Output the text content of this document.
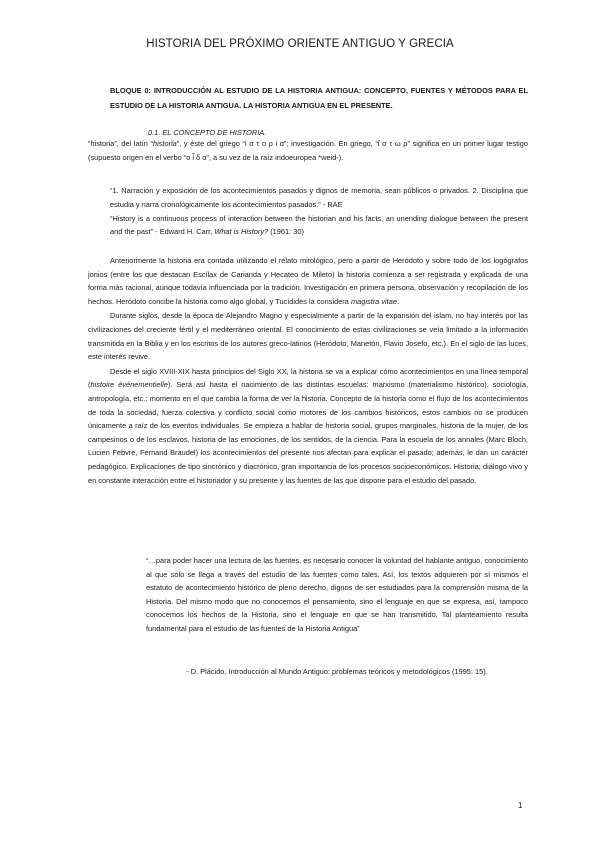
HISTORIA DEL PRÓXIMO ORIENTE ANTIGUO Y GRECIA
BLOQUE 0: INTRODUCCIÓN AL ESTUDIO DE LA HISTORIA ANTIGUA: CONCEPTO, FUENTES Y MÉTODOS PARA EL ESTUDIO DE LA HISTORIA ANTIGUA. LA HISTORIA ANTIGUA EN EL PRESENTE.
0.1. EL CONCEPTO DE HISTORIA.
“historia”, del latín “historĭa”, y éste del griego “ἱ σ τ ο ρ ί α”; investigación. En griego, “ἵ σ τ ω ρ” significa en un primer lugar testigo (supuesto origen en el verbo “ο ἶ δ α”, a su vez de la raíz indoeuropea *weid-).

“1. Narración y exposición de los acontecimientos pasados y dignos de memoria, sean públicos o privados. 2. Disciplina que estudia y narra cronológicamente los acontecimientos pasados.” - RAE

“History is a continuous process of interaction between the historian and his facts, an unending dialogue between the present and the past” - Edward H. Carr, What is History? (1961: 30)

Anteriormente la historia era contada utilizando el relato mitológico, pero a partir de Heródoto y sobre todo de los logógrafos jonios (entre los que destacan Escílax de Carianda y Hecateo de Mileto) la historia comienza a ser registrada y explicada de una forma más racional, aunque todavía influenciada por la tradición. Investigación en primera persona, observación y recopilación de los hechos. Heródoto concibe la historia como algo global, y Tucídides la considera magistra vitae.

Durante siglos, desde la época de Alejandro Magno y especialmente a partir de la expansión del islam, no hay interés por las civilizaciones del creciente fértil y el mediterráneo oriental. El conocimiento de estas civilizaciones se veía limitado a la información transmitida en la Biblia y en los escritos de los autores greco-latinos (Heródoto, Manetón, Flavio Josefo, etc.). En el siglo de las luces, este interés revive.

Desde el siglo XVIII-XIX hasta principios del Siglo XX, la historia se va a explicar cómo acontecimientos en una línea temporal (histoire événementielle). Será así hasta el nacimiento de las distintas escuelas: marxismo (materialismo histórico), sociología, antropología, etc.; momento en el que cambia la forma de ver la historia. Concepto de la historia como el flujo de los acontecimientos de toda la sociedad, fuerza colectiva y conflicto social como motores de los cambios históricos, estos cambios no se producen únicamente a raíz de los eventos individuales. Se empieza a hablar de historia social, grupos marginales, historia de la mujer, de los campesinos o de los esclavos, historia de las emociones, de los sentidos, de la ciencia. Para la escuela de los annales (Marc Bloch, Lucien Febvre, Fernand Braudel) los acontecimientos del presente nos afectan para explicar el pasado; además, le dan un carácter pedagógico. Explicaciones de tipo sincrónico y diacrónico, gran importancia de los procesos socioeconómicos. Historia; diálogo vivo y en constante interacción entre el historiador y su presente y las fuentes de las que dispone para el estudio del pasado.

“…para poder hacer una lectura de las fuentes, es necesario conocer la voluntad del hablante antiguo, conocimiento al que sólo se llega a través del estudio de las fuentes como tales. Así, los textos adquieren por sí mismos el estatuto de acontecimiento histórico de pleno derecho, dignos de ser estudiados para la comprensión misma de la Historia. Del mismo modo que no conocemos el pensamiento, sino el lenguaje en que se expresa, así, tampoco conocemos los hechos de la Historia, sino el lenguaje en que se han transmitido. Tal planteamiento resulta fundamental para el estudio de las fuentes de la Historia Antigua”
- D. Plácido, Introducción al Mundo Antiguo: problemas teóricos y metodológicos (1995: 15).
1
